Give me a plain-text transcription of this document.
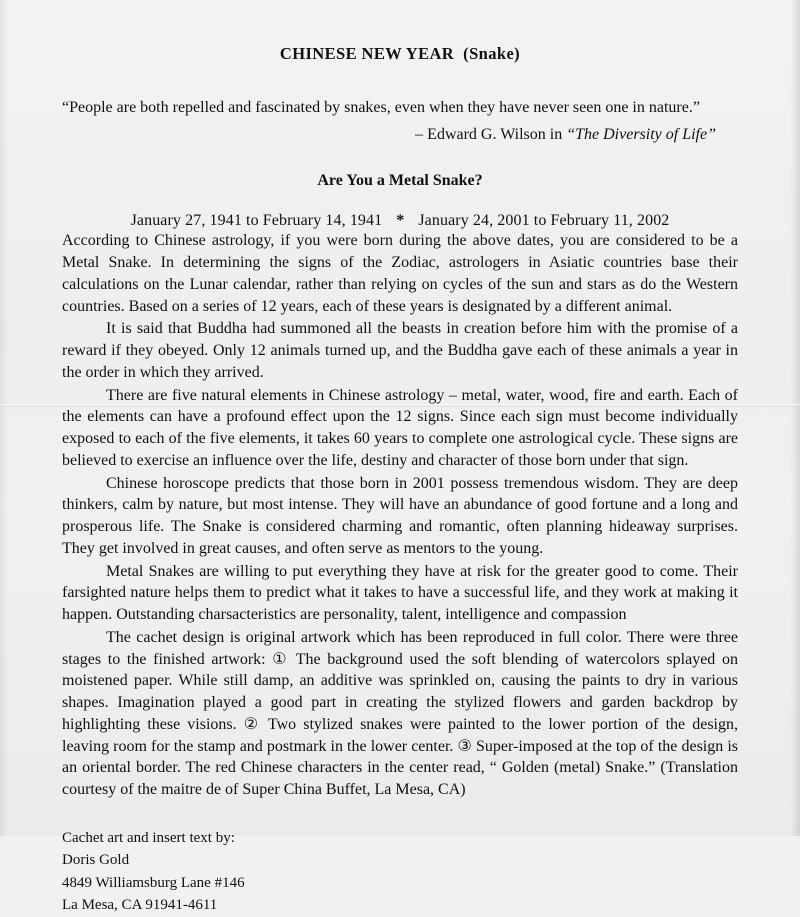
CHINESE NEW YEAR (Snake)
“People are both repelled and fascinated by snakes, even when they have never seen one in nature.”
– Edward G. Wilson in “The Diversity of Life”
Are You a Metal Snake?
January 27, 1941 to February 14, 1941 * January 24, 2001 to February 11, 2002

According to Chinese astrology, if you were born during the above dates, you are considered to be a Metal Snake. In determining the signs of the Zodiac, astrologers in Asiatic countries base their calculations on the Lunar calendar, rather than relying on cycles of the sun and stars as do the Western countries. Based on a series of 12 years, each of these years is designated by a different animal.

It is said that Buddha had summoned all the beasts in creation before him with the promise of a reward if they obeyed. Only 12 animals turned up, and the Buddha gave each of these animals a year in the order in which they arrived.

There are five natural elements in Chinese astrology – metal, water, wood, fire and earth. Each of the elements can have a profound effect upon the 12 signs. Since each sign must become individually exposed to each of the five elements, it takes 60 years to complete one astrological cycle. These signs are believed to exercise an influence over the life, destiny and character of those born under that sign.

Chinese horoscope predicts that those born in 2001 possess tremendous wisdom. They are deep thinkers, calm by nature, but most intense. They will have an abundance of good fortune and a long and prosperous life. The Snake is considered charming and romantic, often planning hideaway surprises. They get involved in great causes, and often serve as mentors to the young.

Metal Snakes are willing to put everything they have at risk for the greater good to come. Their farsighted nature helps them to predict what it takes to have a successful life, and they work at making it happen. Outstanding charsacteristics are personality, talent, intelligence and compassion

The cachet design is original artwork which has been reproduced in full color. There were three stages to the finished artwork: ① The background used the soft blending of watercolors splayed on moistened paper. While still damp, an additive was sprinkled on, causing the paints to dry in various shapes. Imagination played a good part in creating the stylized flowers and garden backdrop by highlighting these visions. ② Two stylized snakes were painted to the lower portion of the design, leaving room for the stamp and postmark in the lower center. ③ Super-imposed at the top of the design is an oriental border. The red Chinese characters in the center read, “ Golden (metal) Snake.” (Translation courtesy of the maitre de of Super China Buffet, La Mesa, CA)

Cachet art and insert text by:
Doris Gold
4849 Williamsburg Lane #146
La Mesa, CA 91941-4611
